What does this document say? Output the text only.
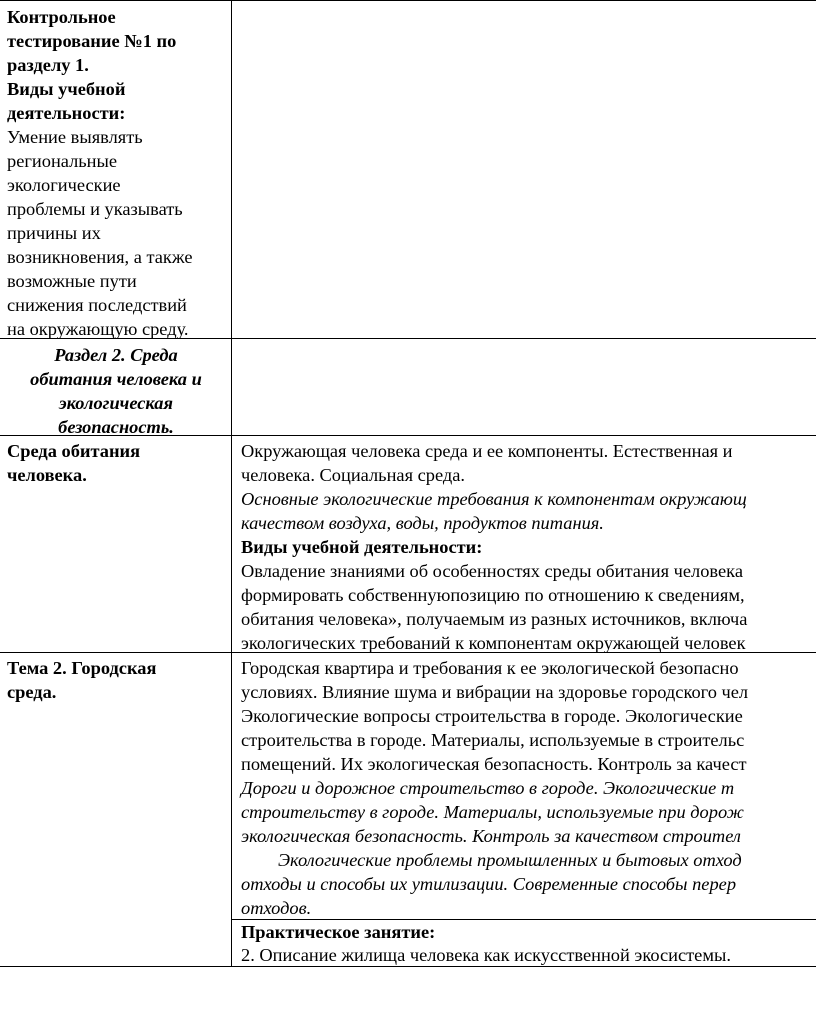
Контрольное
тестирование №1 по
разделу 1.
Виды учебной
деятельности:
Умение выявлять
региональные
экологические
проблемы и указывать
причины их
возникновения, а также
возможные пути
снижения последствий
на окружающую среду.
Раздел 2. Среда
обитания человека и
экологическая
безопасность.
Среда обитания
человека.
Окружающая человека среда и ее компоненты. Естественная и
человека. Социальная среда.
Основные экологические требования к компонентам окружающ
качеством воздуха, воды, продуктов питания.
Виды учебной деятельности:
Овладение знаниями об особенностях среды обитания человека
формировать собственнуюпозицию по отношению к сведениям,
обитания человека», получаемым из разных источников, включа
экологических требований к компонентам окружающей человек
Тема 2. Городская
среда.
Городская квартира и требования к ее экологической безопасно
условиях. Влияние шума и вибрации на здоровье городского чел
Экологические вопросы строительства в городе. Экологические
строительства в городе. Материалы, используемые в строительс
помещений. Их экологическая безопасность. Контроль за качест
Дороги и дорожное строительство в городе. Экологические т
строительству в городе. Материалы, используемые при дорож
экологическая безопасность. Контроль за качеством строител
Экологические проблемы промышленных и бытовых отход
отходы и способы их утилизации. Современные способы перер
отходов.
Практическое занятие:
2. Описание жилища человека как искусственной экосистемы.
